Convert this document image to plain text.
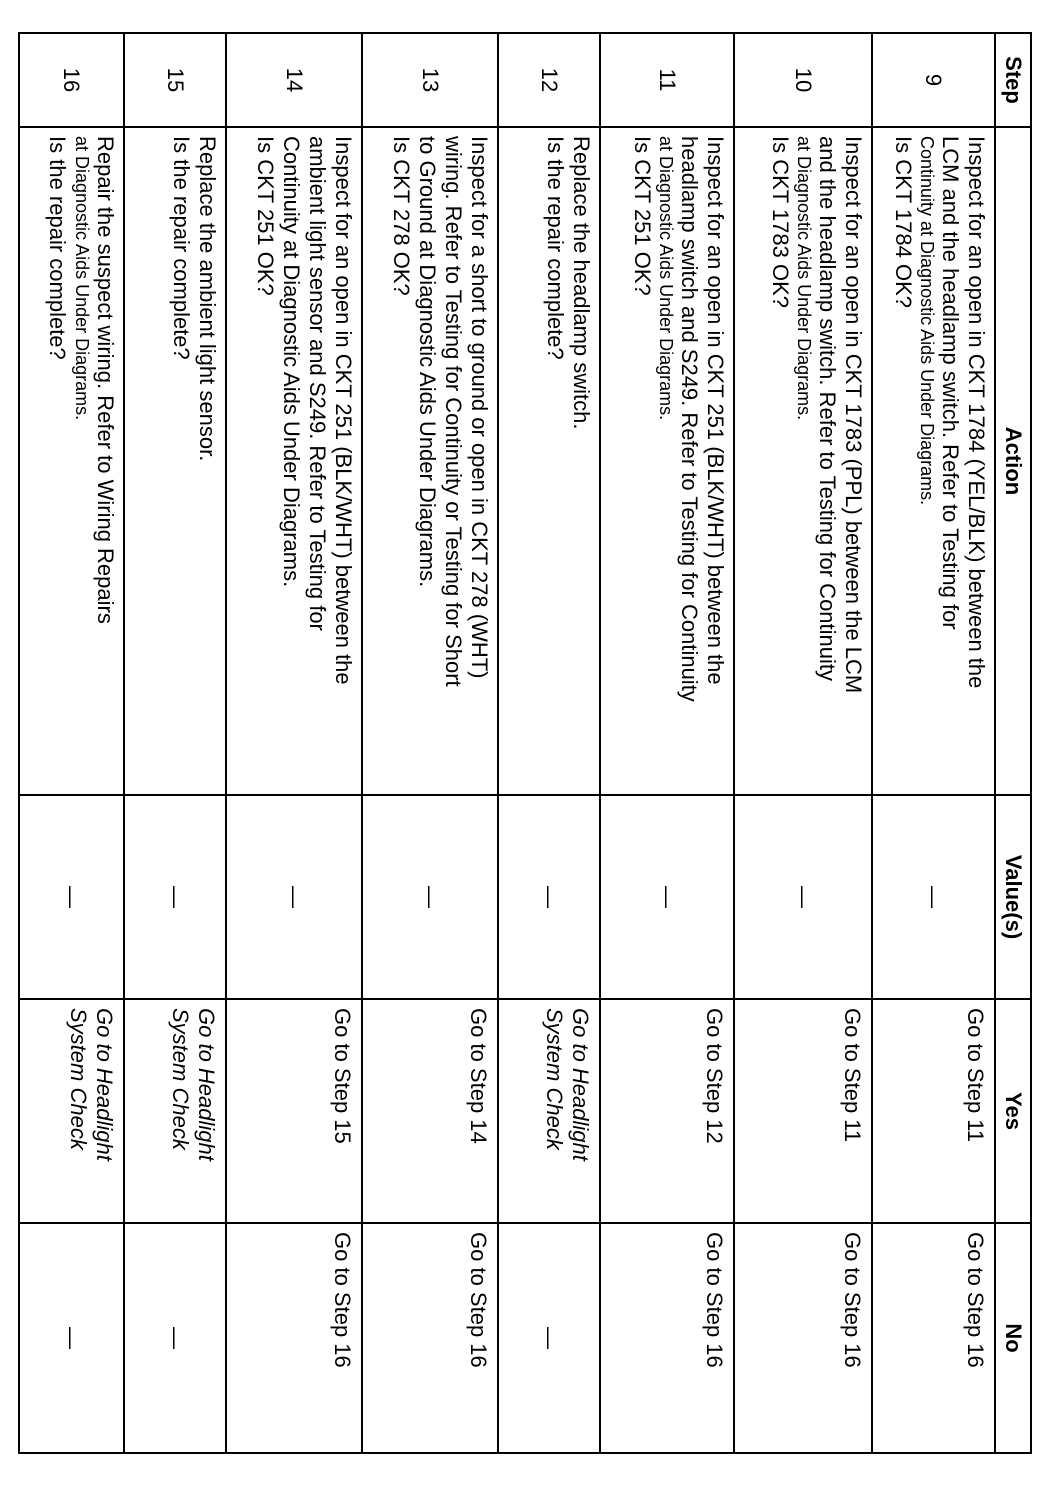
Step	Action	Value(s)	Yes	No
9	Inspect for an open in CKT 1784 (YEL/BLK) between the
LCM and the headlamp switch. Refer to Testing for
Continuity at Diagnostic Aids Under Diagrams.
Is CKT 1784 OK?	—	Go to Step 11	Go to Step 16

10	Inspect for an open in CKT 1783 (PPL) between the LCM
and the headlamp switch. Refer to Testing for Continuity
at Diagnostic Aids Under Diagrams.
Is CKT 1783 OK?	—	Go to Step 11	Go to Step 16

11	Inspect for an open in CKT 251 (BLK/WHT) between the
headlamp switch and S249. Refer to Testing for Continuity
at Diagnostic Aids Under Diagrams.
Is CKT 251 OK?	—	Go to Step 12	Go to Step 16

12	Replace the headlamp switch.
Is the repair complete?	—	Go to Headlight
System Check	—

13	Inspect for a short to ground or open in CKT 278 (WHT)
wiring. Refer to Testing for Continuity or Testing for Short
to Ground at Diagnostic Aids Under Diagrams.
Is CKT 278 OK?	—	Go to Step 14	Go to Step 16

14	Inspect for an open in CKT 251 (BLK/WHT) between the
ambient light sensor and S249. Refer to Testing for
Continuity at Diagnostic Aids Under Diagrams.
Is CKT 251 OK?	—	Go to Step 15	Go to Step 16

15	Replace the ambient light sensor.
Is the repair complete?	—	Go to Headlight
System Check	—

16	Repair the suspect wiring. Refer to Wiring Repairs
at Diagnostic Aids Under Diagrams.
Is the repair complete?	—	Go to Headlight
System Check	—
